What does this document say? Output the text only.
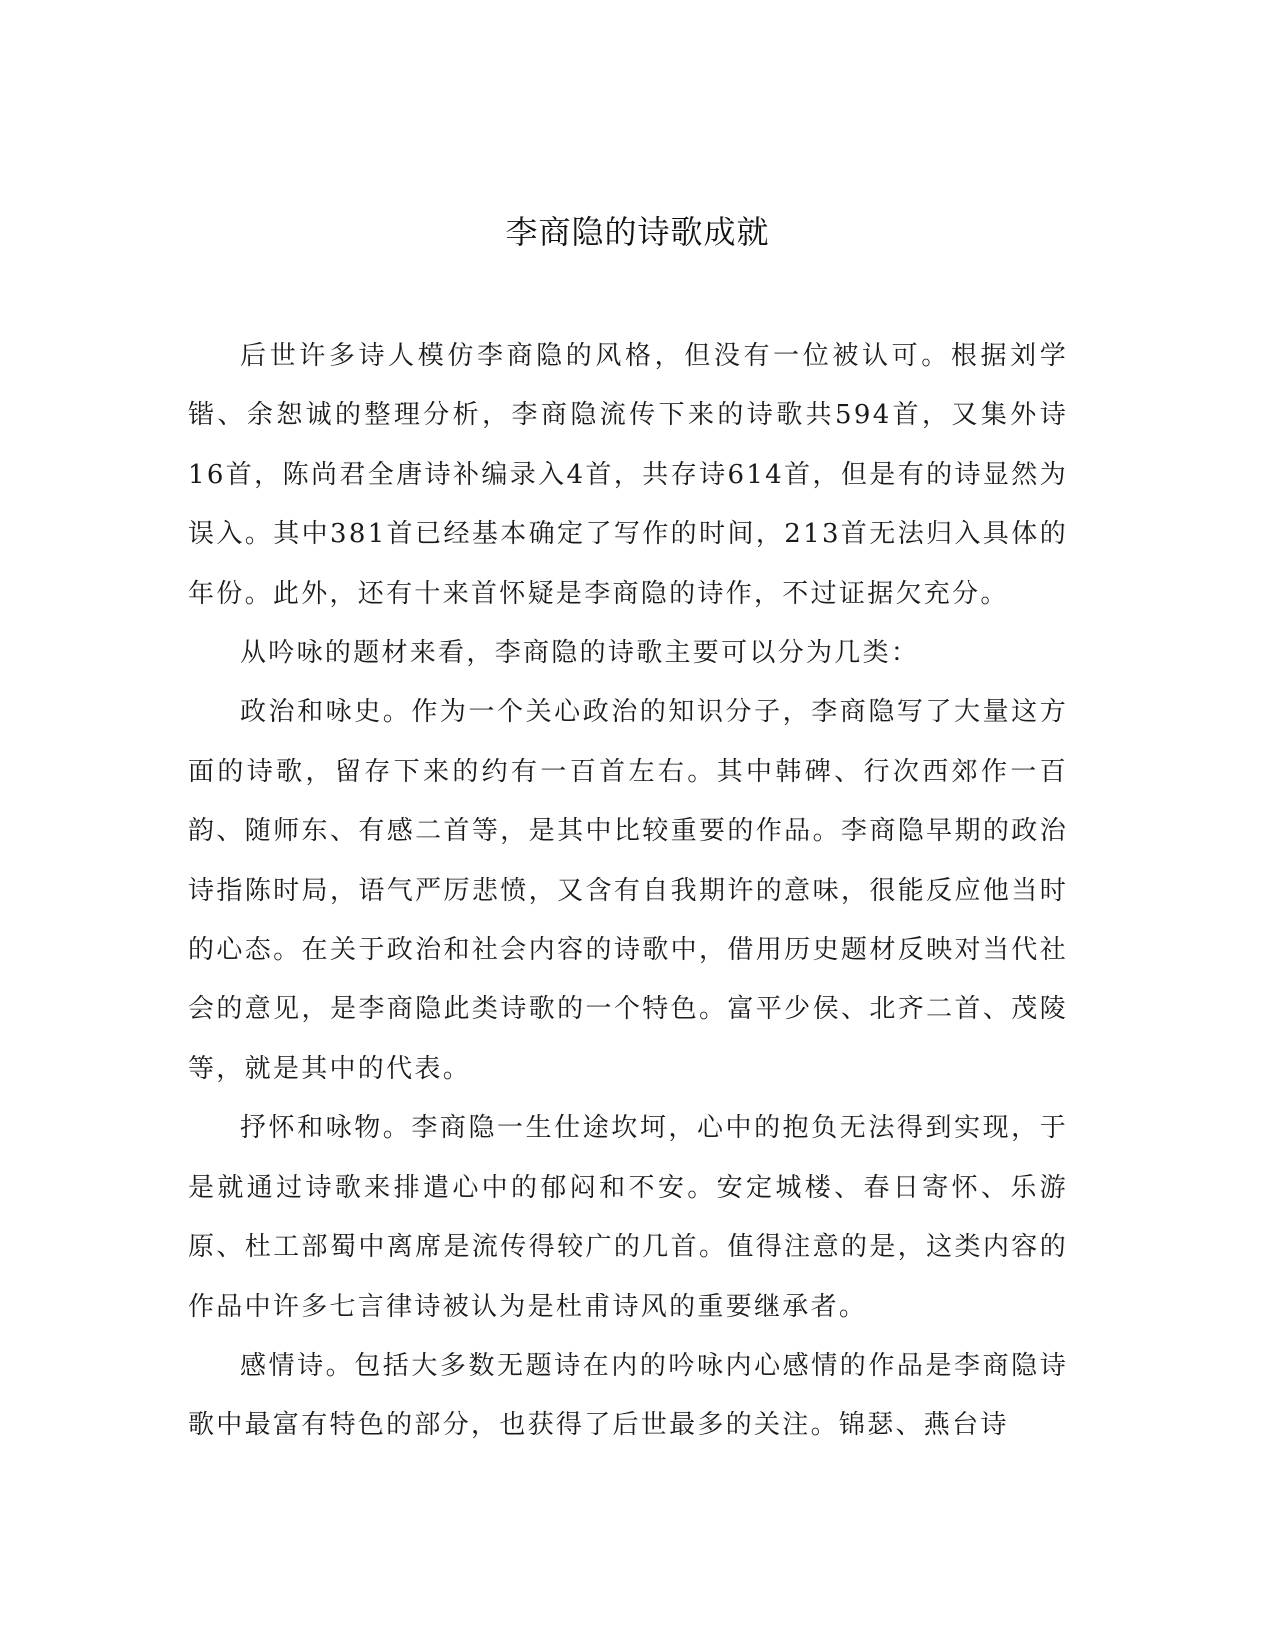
李商隐的诗歌成就

后世许多诗人模仿李商隐的风格，但没有一位被认可。根据刘学锴、余恕诚的整理分析，李商隐流传下来的诗歌共594首，又集外诗16首，陈尚君全唐诗补编录入4首，共存诗614首，但是有的诗显然为误入。其中381首已经基本确定了写作的时间，213首无法归入具体的年份。此外，还有十来首怀疑是李商隐的诗作，不过证据欠充分。

从吟咏的题材来看，李商隐的诗歌主要可以分为几类：

政治和咏史。作为一个关心政治的知识分子，李商隐写了大量这方面的诗歌，留存下来的约有一百首左右。其中韩碑、行次西郊作一百韵、随师东、有感二首等，是其中比较重要的作品。李商隐早期的政治诗指陈时局，语气严厉悲愤，又含有自我期许的意味，很能反应他当时的心态。在关于政治和社会内容的诗歌中，借用历史题材反映对当代社会的意见，是李商隐此类诗歌的一个特色。富平少侯、北齐二首、茂陵等，就是其中的代表。

抒怀和咏物。李商隐一生仕途坎坷，心中的抱负无法得到实现，于是就通过诗歌来排遣心中的郁闷和不安。安定城楼、春日寄怀、乐游原、杜工部蜀中离席是流传得较广的几首。值得注意的是，这类内容的作品中许多七言律诗被认为是杜甫诗风的重要继承者。

感情诗。包括大多数无题诗在内的吟咏内心感情的作品是李商隐诗歌中最富有特色的部分，也获得了后世最多的关注。锦瑟、燕台诗
